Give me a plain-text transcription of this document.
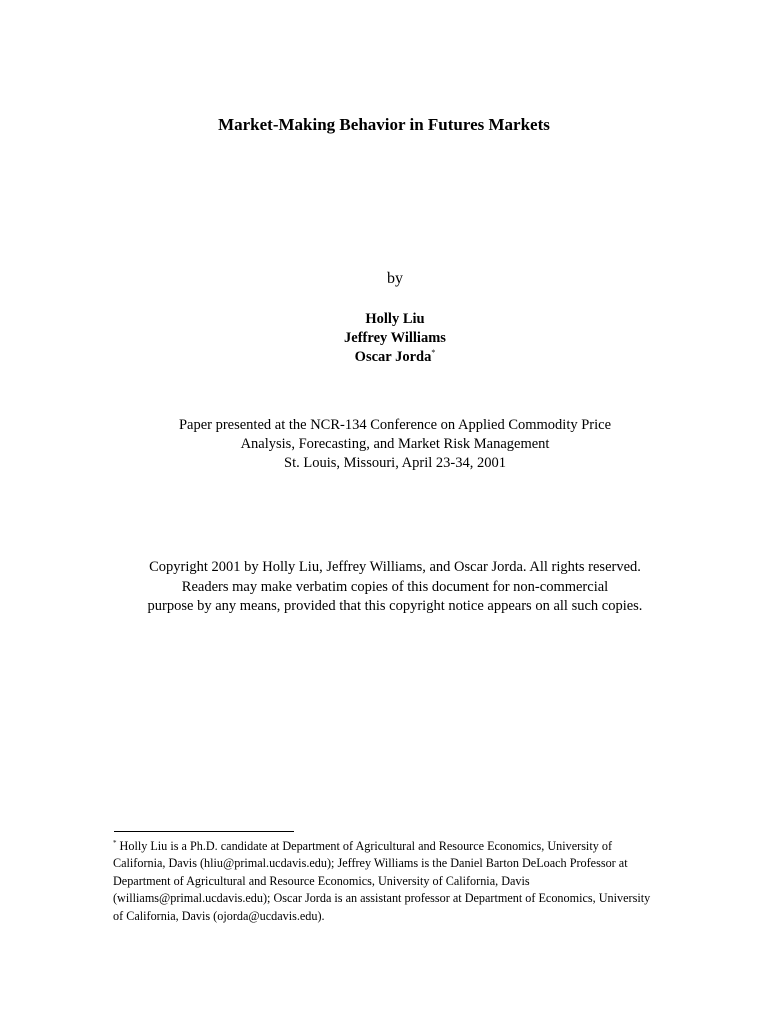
Market-Making Behavior in Futures Markets
by
Holly Liu
Jeffrey Williams
Oscar Jorda*
Paper presented at the NCR-134 Conference on Applied Commodity Price
Analysis, Forecasting, and Market Risk Management
St. Louis, Missouri, April 23-34, 2001
Copyright 2001 by Holly Liu, Jeffrey Williams, and Oscar Jorda. All rights reserved.
Readers may make verbatim copies of this document for non-commercial
purpose by any means, provided that this copyright notice appears on all such copies.
* Holly Liu is a Ph.D. candidate at Department of Agricultural and Resource Economics, University of
California, Davis (hliu@primal.ucdavis.edu); Jeffrey Williams is the Daniel Barton DeLoach Professor at
Department of Agricultural and Resource Economics, University of California, Davis
(williams@primal.ucdavis.edu); Oscar Jorda is an assistant professor at Department of Economics, University
of California, Davis (ojorda@ucdavis.edu).
